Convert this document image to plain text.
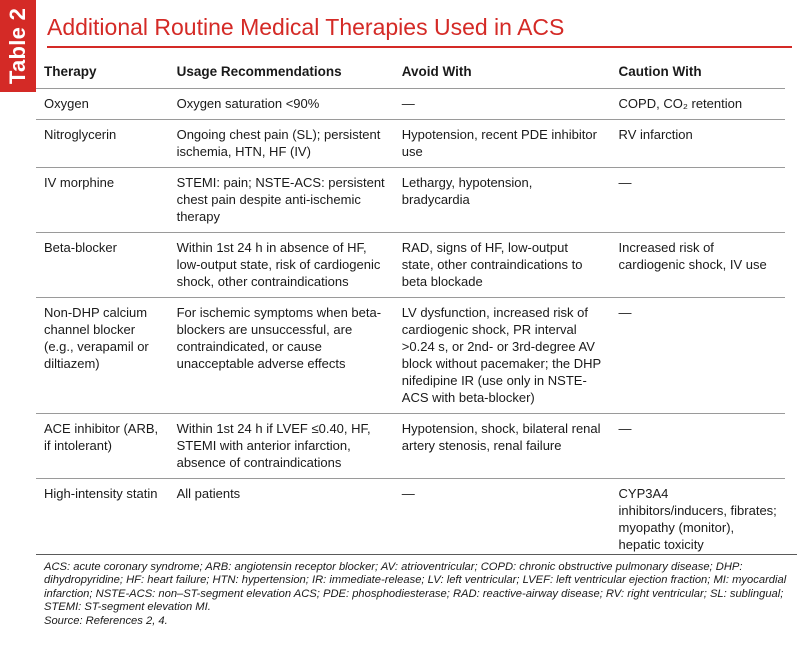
Table 2 Additional Routine Medical Therapies Used in ACS
Therapy	Usage Recommendations	Avoid With	Caution With
Oxygen	Oxygen saturation <90%	—	COPD, CO₂ retention
Nitroglycerin	Ongoing chest pain (SL); persistent ischemia, HTN, HF (IV)	Hypotension, recent PDE inhibitor use	RV infarction
IV morphine	STEMI: pain; NSTE-ACS: persistent chest pain despite anti-ischemic therapy	Lethargy, hypotension, bradycardia	—
Beta-blocker	Within 1st 24 h in absence of HF, low-output state, risk of cardiogenic shock, other contraindications	RAD, signs of HF, low-output state, other contraindications to beta blockade	Increased risk of cardiogenic shock, IV use
Non-DHP calcium channel blocker (e.g., verapamil or diltiazem)	For ischemic symptoms when beta-blockers are unsuccessful, are contraindicated, or cause unacceptable adverse effects	LV dysfunction, increased risk of cardiogenic shock, PR interval >0.24 s, or 2nd- or 3rd-degree AV block without pacemaker; the DHP nifedipine IR (use only in NSTE-ACS with beta-blocker)	—
ACE inhibitor (ARB, if intolerant)	Within 1st 24 h if LVEF ≤0.40, HF, STEMI with anterior infarction, absence of contraindications	Hypotension, shock, bilateral renal artery stenosis, renal failure	—
High-intensity statin	All patients	—	CYP3A4 inhibitors/inducers, fibrates; myopathy (monitor), hepatic toxicity

ACS: acute coronary syndrome; ARB: angiotensin receptor blocker; AV: atrioventricular; COPD: chronic obstructive pulmonary disease; DHP: dihydropyridine; HF: heart failure; HTN: hypertension; IR: immediate-release; LV: left ventricular; LVEF: left ventricular ejection fraction; MI: myocardial infarction; NSTE-ACS: non–ST-segment elevation ACS; PDE: phosphodiesterase; RAD: reactive-airway disease; RV: right ventricular; SL: sublingual; STEMI: ST-segment elevation MI.

Source: References 2, 4.
